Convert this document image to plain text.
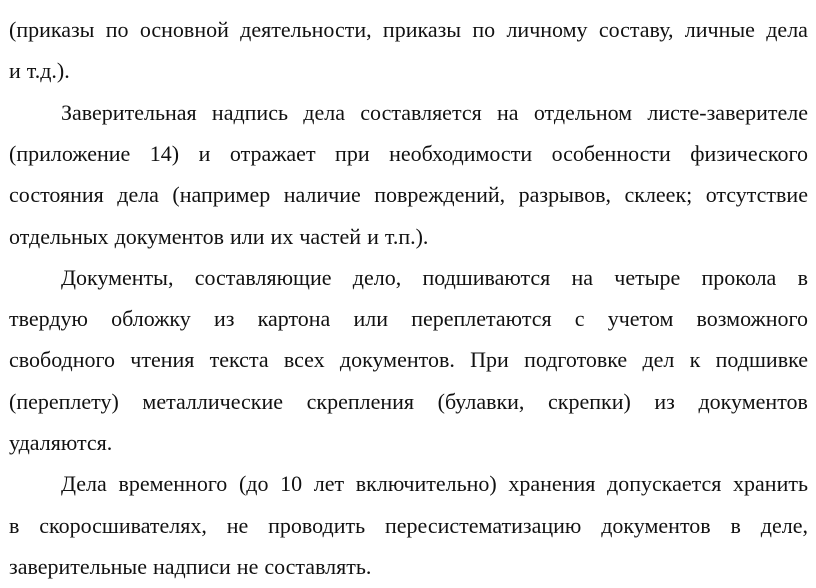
(приказы по основной деятельности, приказы по личному составу, личные дела
и т.д.).
Заверительная надпись дела составляется на отдельном листе-заверителе
(приложение 14) и отражает при необходимости особенности физического
состояния дела (например наличие повреждений, разрывов, склеек; отсутствие
отдельных документов или их частей и т.п.).
Документы, составляющие дело, подшиваются на четыре прокола в
твердую обложку из картона или переплетаются с учетом возможного
свободного чтения текста всех документов. При подготовке дел к подшивке
(переплету) металлические скрепления (булавки, скрепки) из документов
удаляются.
Дела временного (до 10 лет включительно) хранения допускается хранить
в скоросшивателях, не проводить пересистематизацию документов в деле,
заверительные надписи не составлять.
